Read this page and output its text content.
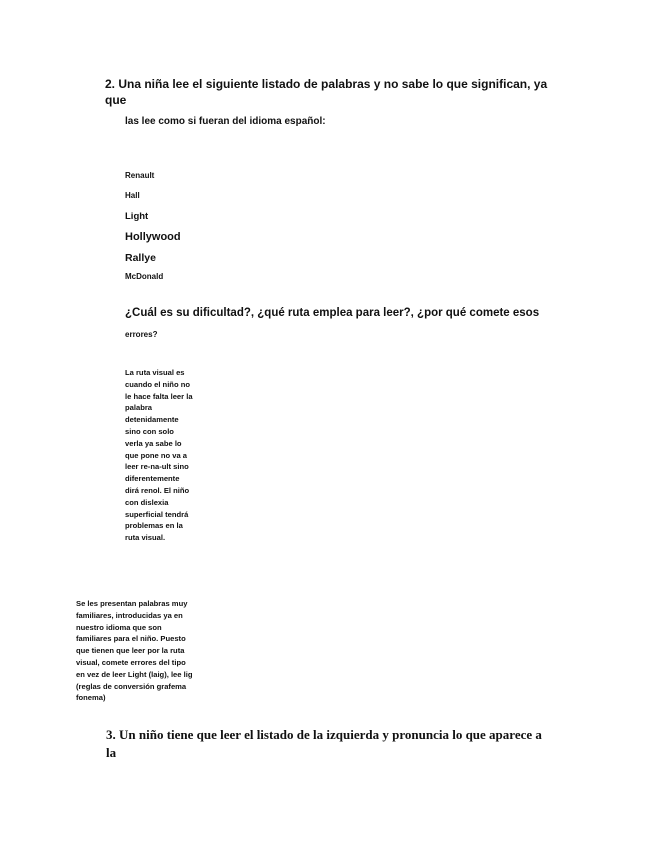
2. Una niña lee el siguiente listado de palabras y no sabe lo que significan, ya que
las lee como si fueran del idioma español:
Renault
Hall
Light
Hollywood
Rallye
McDonald
¿Cuál es su dificultad?, ¿qué ruta emplea para leer?, ¿por qué comete esos
errores?
La ruta visual es cuando el niño no le hace falta leer la palabra detenidamente sino con solo verla ya sabe lo que pone no va a leer re-na-ult sino diferentemente dirá renol. El niño con dislexia superficial tendrá problemas en la ruta visual.
Se les presentan palabras muy familiares, introducidas ya en nuestro idioma que son familiares para el niño. Puesto que tienen que leer por la ruta visual, comete errores del tipo en vez de leer Light (laig), lee lig (reglas de conversión grafema fonema)
3. Un niño tiene que leer el listado de la izquierda y pronuncia lo que aparece a la
